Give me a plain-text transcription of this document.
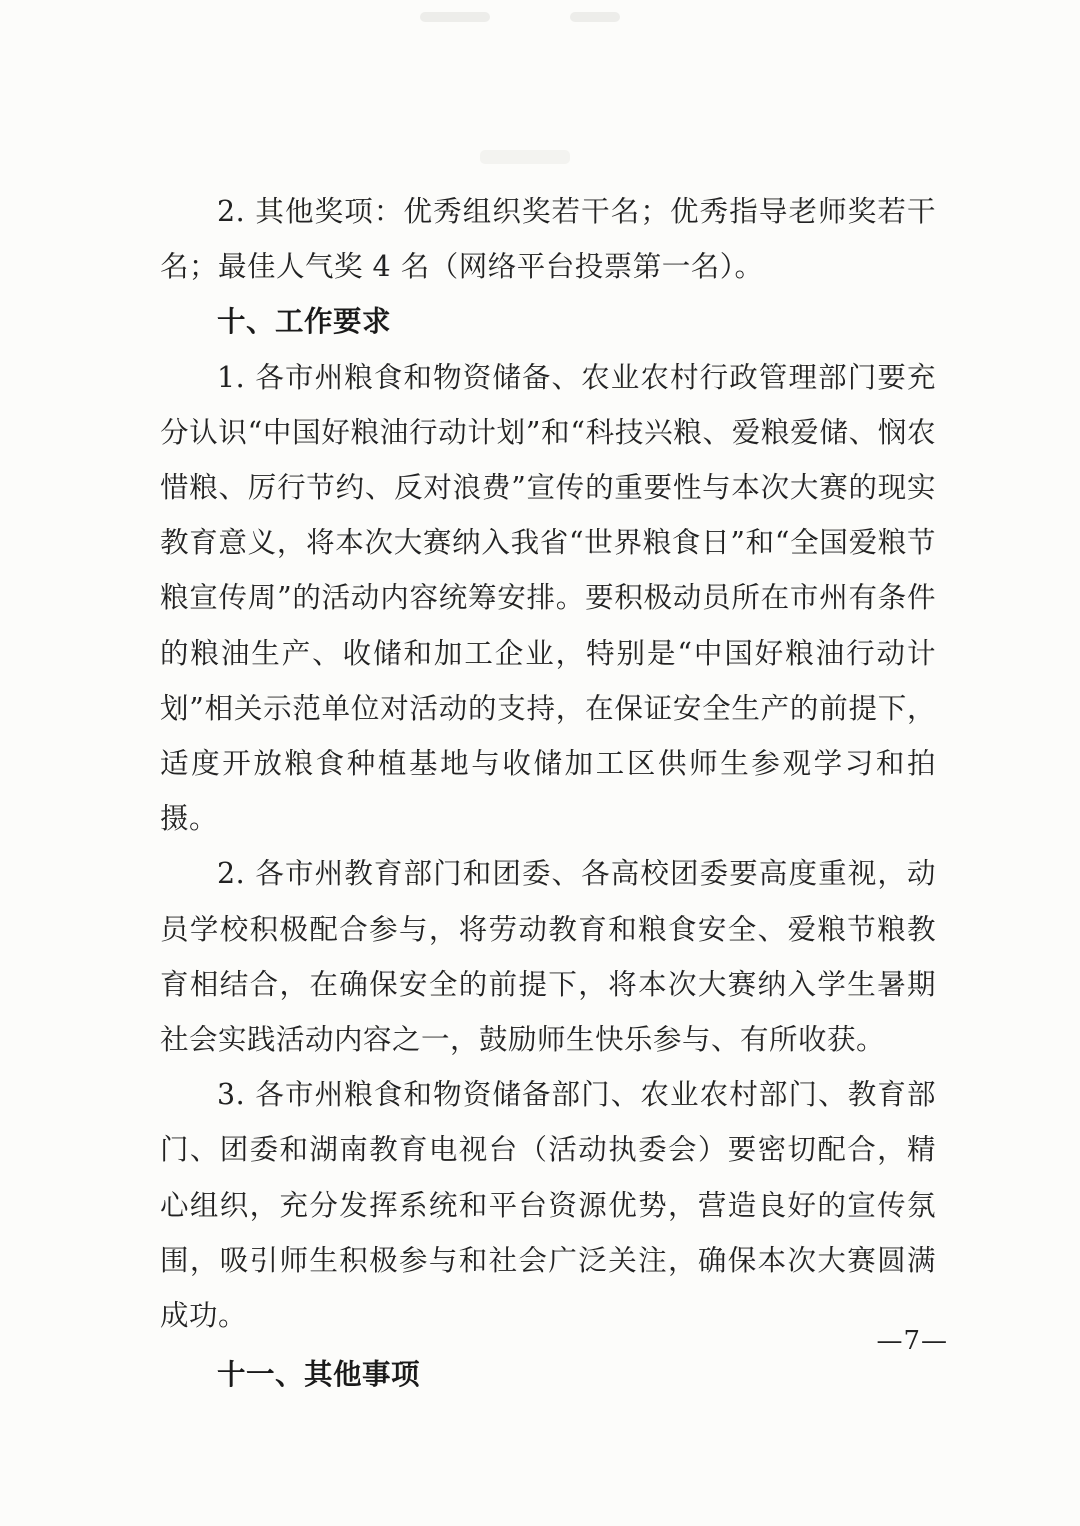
2. 其他奖项：优秀组织奖若干名；优秀指导老师奖若干名；最佳人气奖 4 名（网络平台投票第一名）。

十、工作要求

1. 各市州粮食和物资储备、农业农村行政管理部门要充分认识“中国好粮油行动计划”和“科技兴粮、爱粮爱储、悯农惜粮、厉行节约、反对浪费”宣传的重要性与本次大赛的现实教育意义，将本次大赛纳入我省“世界粮食日”和“全国爱粮节粮宣传周”的活动内容统筹安排。要积极动员所在市州有条件的粮油生产、收储和加工企业，特别是“中国好粮油行动计划”相关示范单位对活动的支持，在保证安全生产的前提下，适度开放粮食种植基地与收储加工区供师生参观学习和拍摄。

2. 各市州教育部门和团委、各高校团委要高度重视，动员学校积极配合参与，将劳动教育和粮食安全、爱粮节粮教育相结合，在确保安全的前提下，将本次大赛纳入学生暑期社会实践活动内容之一，鼓励师生快乐参与、有所收获。

3. 各市州粮食和物资储备部门、农业农村部门、教育部门、团委和湖南教育电视台（活动执委会）要密切配合，精心组织，充分发挥系统和平台资源优势，营造良好的宣传氛围，吸引师生积极参与和社会广泛关注，确保本次大赛圆满成功。

十一、其他事项

—7—
